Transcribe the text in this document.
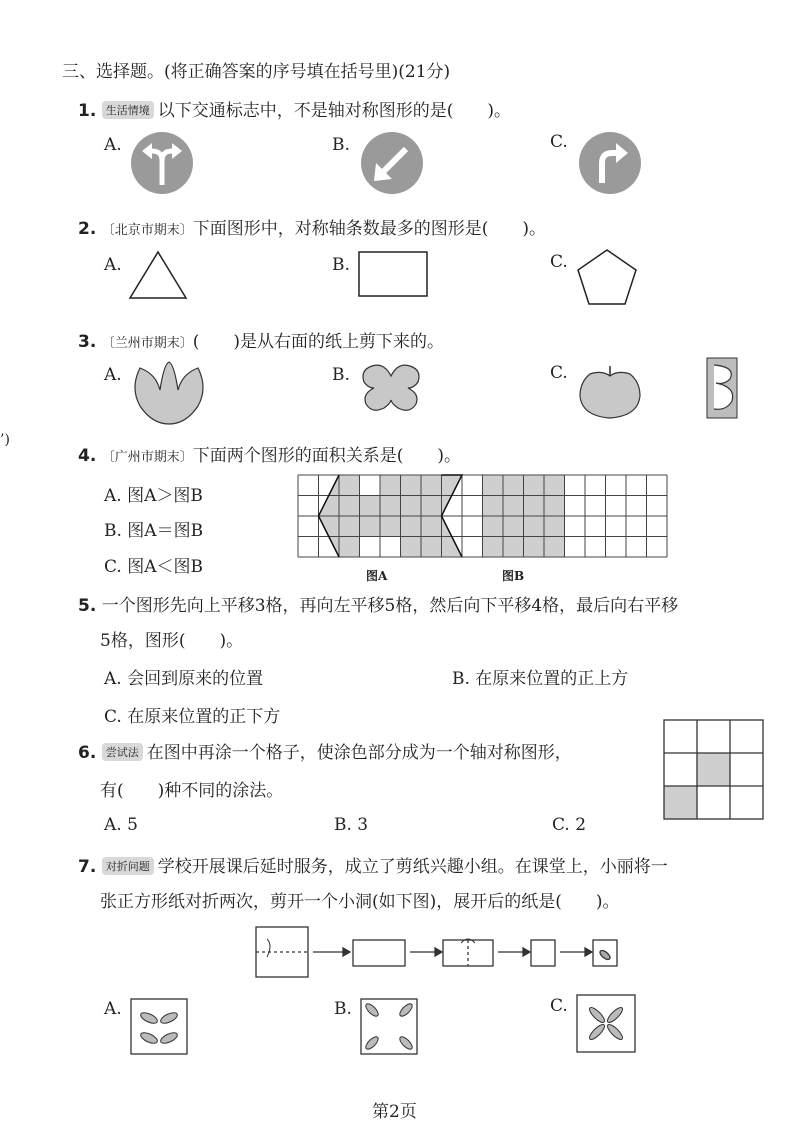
三、选择题。(将正确答案的序号填在括号里)(21分)
’)
1. 生活情境 以下交通标志中，不是轴对称图形的是(　　)。
A.	B.	C.
2. 〔北京市期末〕下面图形中，对称轴条数最多的图形是(　　)。
A.	B.	C.
3. 〔兰州市期末〕(　　)是从右面的纸上剪下来的。
A.	B.	C.
4. 〔广州市期末〕下面两个图形的面积关系是(　　)。
A. 图A＞图B
B. 图A＝图B
C. 图A＜图B	图A	图B
5. 一个图形先向上平移3格，再向左平移5格，然后向下平移4格，最后向右平移
5格，图形(　　)。
A. 会回到原来的位置	B. 在原来位置的正上方
C. 在原来位置的正下方
6. 尝试法 在图中再涂一个格子，使涂色部分成为一个轴对称图形，
有(　　)种不同的涂法。
A. 5	B. 3	C. 2
7. 对折问题 学校开展课后延时服务，成立了剪纸兴趣小组。在课堂上，小丽将一
张正方形纸对折两次，剪开一个小洞(如下图)，展开后的纸是(　　)。
A.	B.	C.
第2页
